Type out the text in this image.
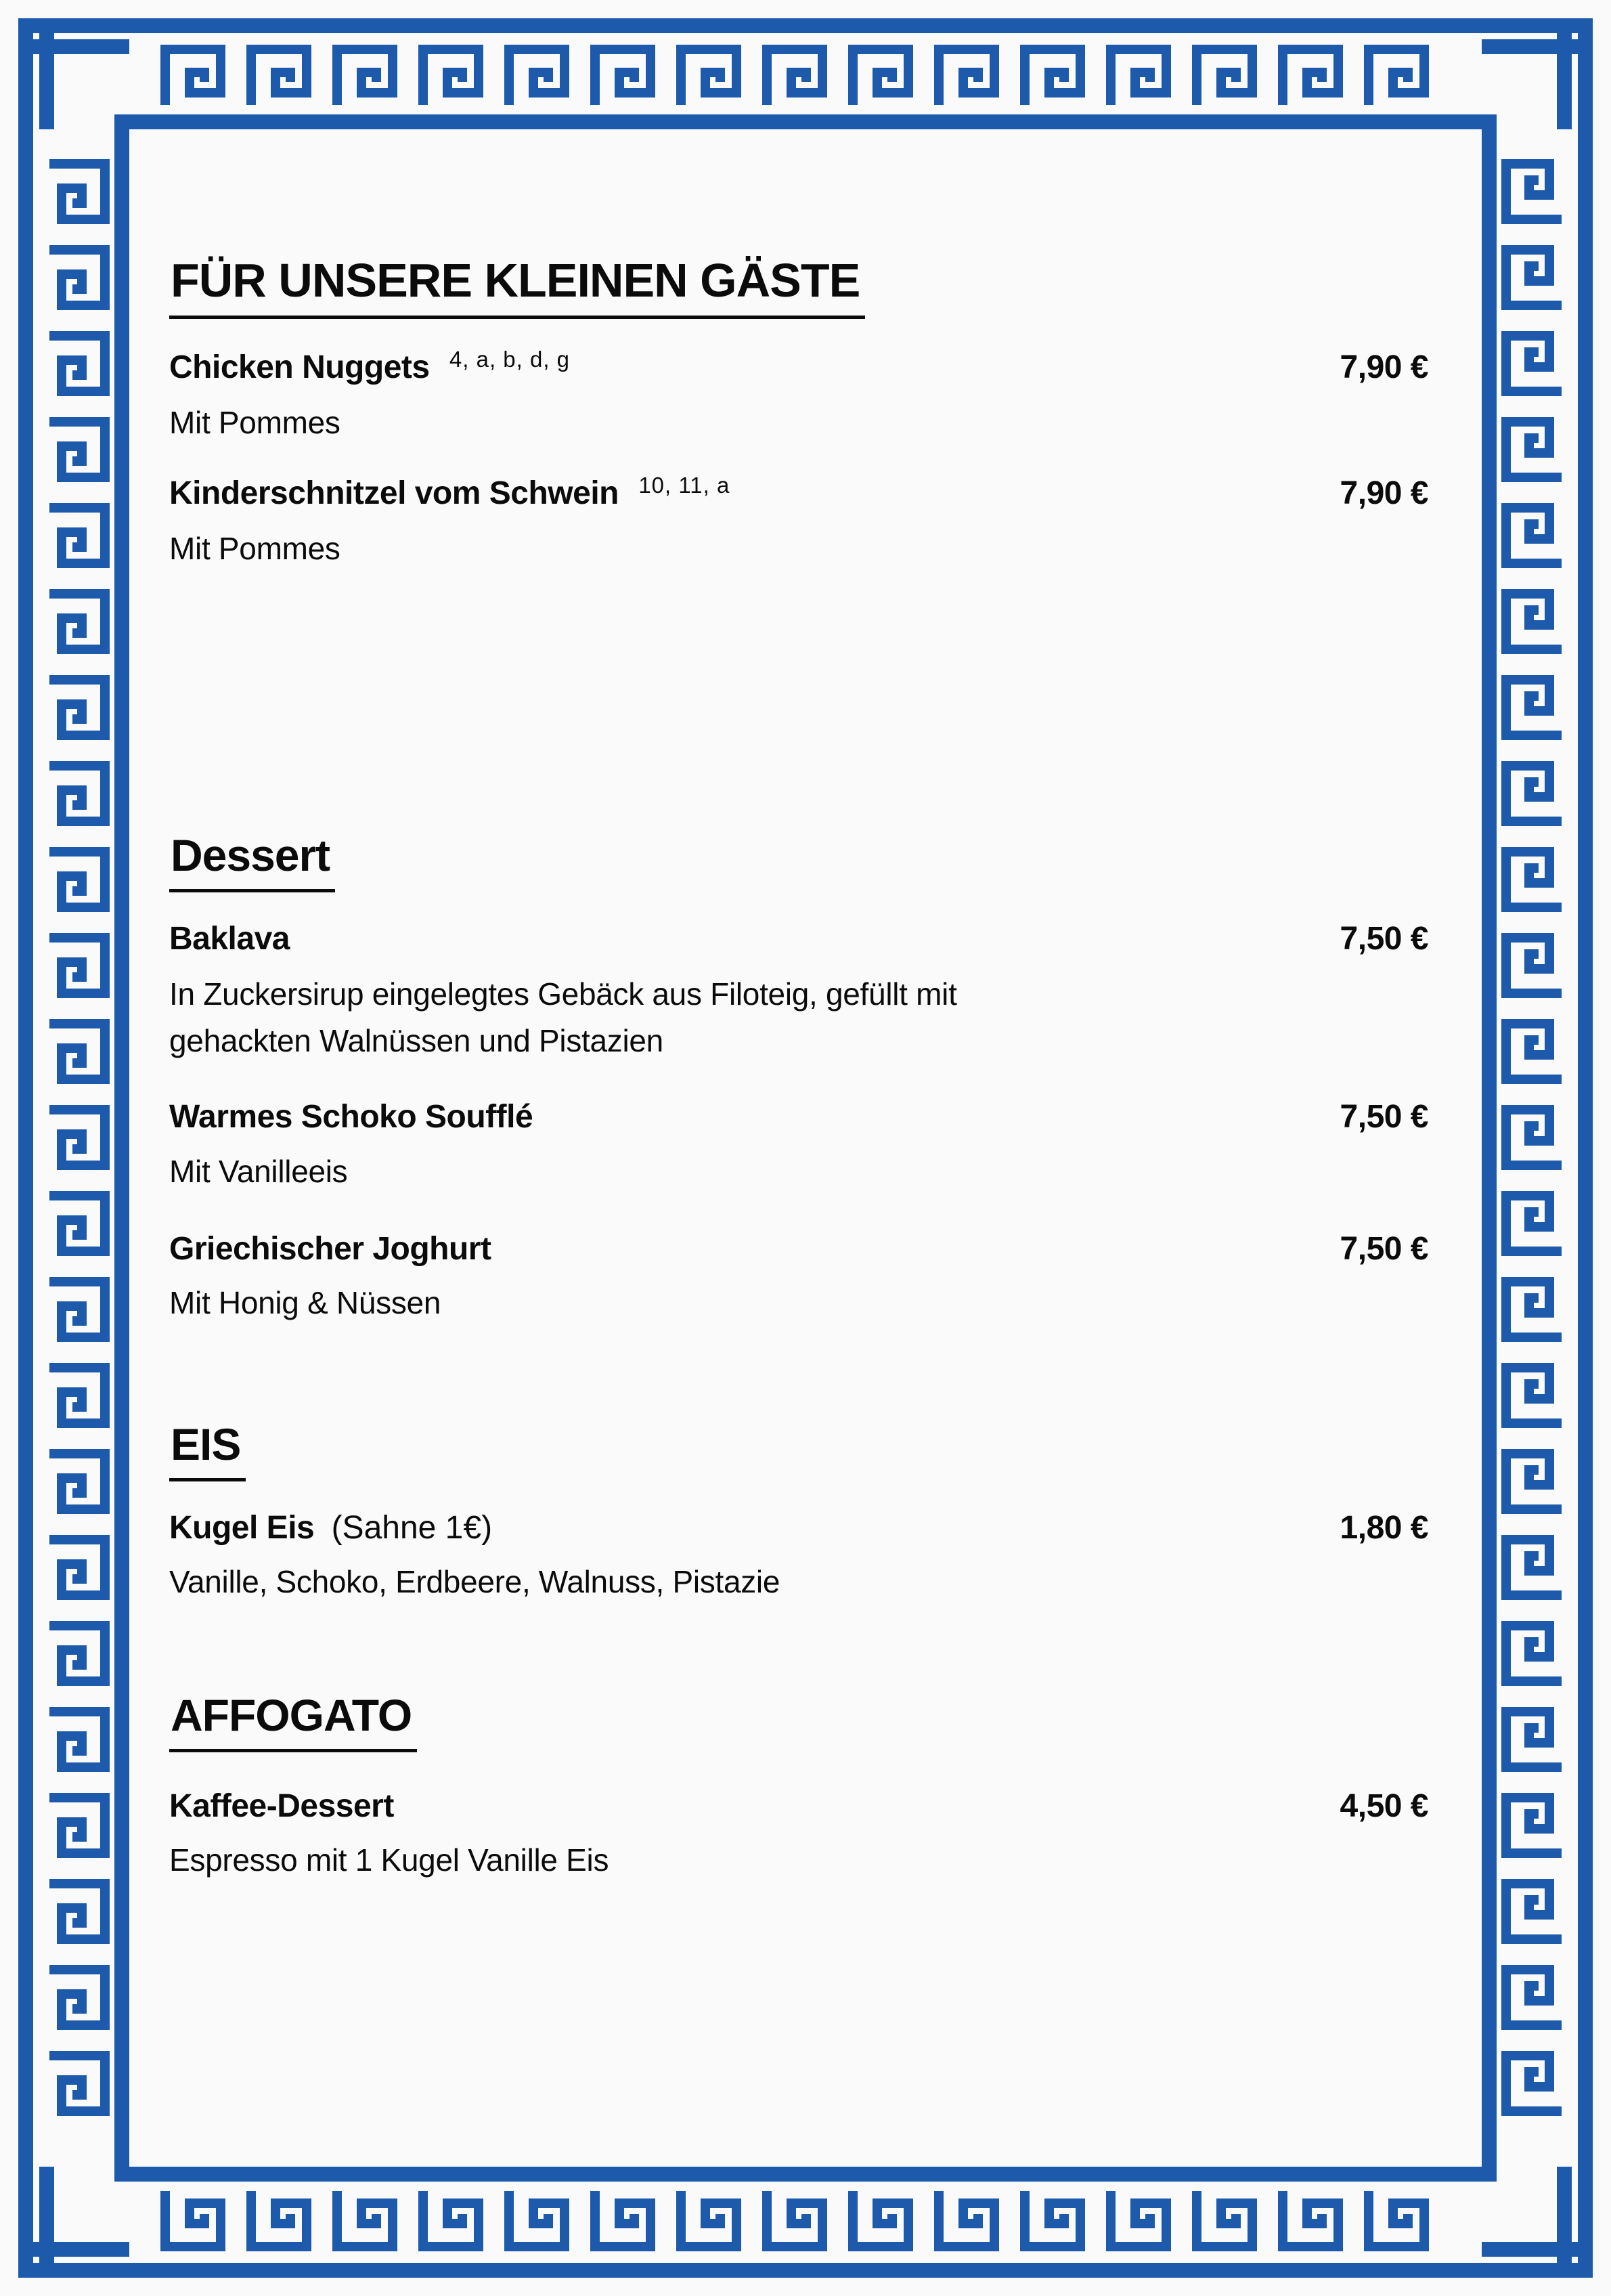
FÜR UNSERE KLEINEN GÄSTE
Chicken Nuggets $^{4, a, b, d, g}$	7,90 €
Mit Pommes
Kinderschnitzel vom Schwein $^{10, 11, a}$	7,90 €
Mit Pommes
Dessert
Baklava	7,50 €
In Zuckersirup eingelegtes Gebäck aus Filoteig, gefüllt mit gehackten Walnüssen und Pistazien
Warmes Schoko Soufflé	7,50 €
Mit Vanilleeis
Griechischer Joghurt	7,50 €
Mit Honig & Nüssen
EIS
Kugel Eis (Sahne 1€)	1,80 €
Vanille, Schoko, Erdbeere, Walnuss, Pistazie
AFFOGATO
Kaffee-Dessert	4,50 €
Espresso mit 1 Kugel Vanille Eis
